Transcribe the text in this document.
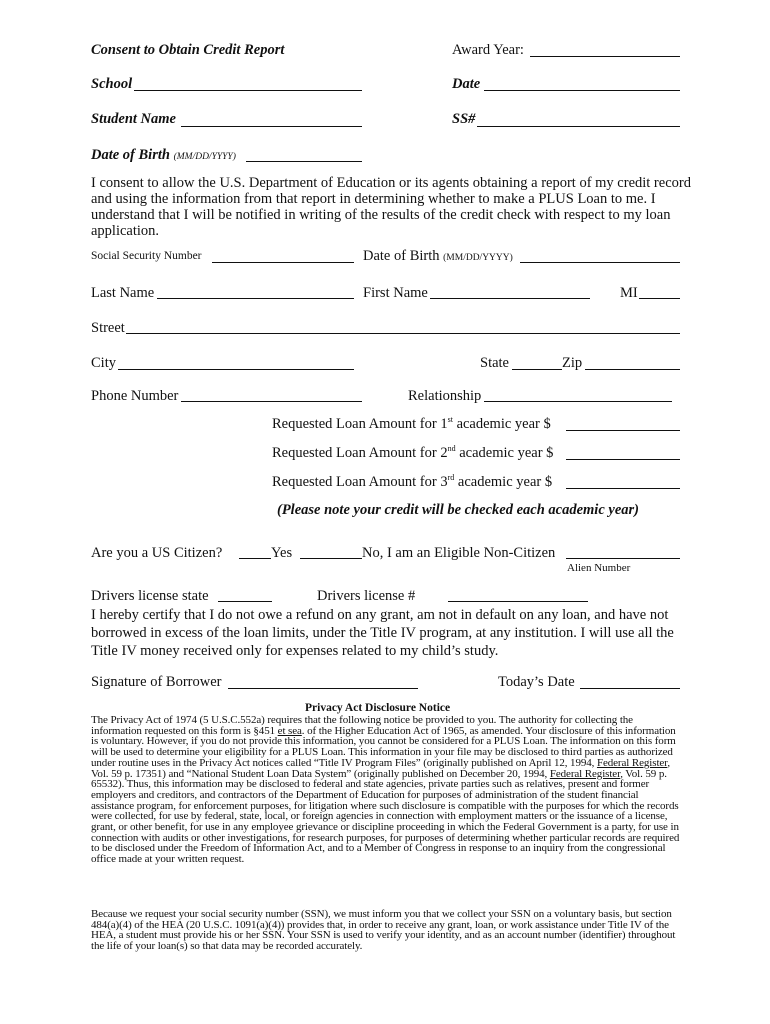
Consent to Obtain Credit Report	Award Year:
School	Date
Student Name	SS#
Date of Birth (MM/DD/YYYY)
I consent to allow the U.S. Department of Education or its agents obtaining a report of my credit record and using the information from that report in determining whether to make a PLUS Loan to me. I understand that I will be notified in writing of the results of the credit check with respect to my loan application.
Social Security Number	Date of Birth (MM/DD/YYYY)
Last Name	First Name	MI
Street
City	State	Zip
Phone Number	Relationship
Requested Loan Amount for 1st academic year $
Requested Loan Amount for 2nd academic year $
Requested Loan Amount for 3rd academic year $
(Please note your credit will be checked each academic year)
Are you a US Citizen?	Yes	No, I am an Eligible Non-Citizen
Alien Number
Drivers license state	Drivers license #
I hereby certify that I do not owe a refund on any grant, am not in default on any loan, and have not borrowed in excess of the loan limits, under the Title IV program, at any institution. I will use all the Title IV money received only for expenses related to my child’s study.
Signature of Borrower	Today’s Date
Privacy Act Disclosure Notice
The Privacy Act of 1974 (5 U.S.C.552a) requires that the following notice be provided to you. The authority for collecting the information requested on this form is §451 et sea. of the Higher Education Act of 1965, as amended. Your disclosure of this information is voluntary. However, if you do not provide this information, you cannot be considered for a PLUS Loan. The information on this form will be used to determine your eligibility for a PLUS Loan. This information in your file may be disclosed to third parties as authorized under routine uses in the Privacy Act notices called “Title IV Program Files” (originally published on April 12, 1994, Federal Register, Vol. 59 p. 17351) and “National Student Loan Data System” (originally published on December 20, 1994, Federal Register, Vol. 59 p. 65532). Thus, this information may be disclosed to federal and state agencies, private parties such as relatives, present and former employers and creditors, and contractors of the Department of Education for purposes of administration of the student financial assistance program, for enforcement purposes, for litigation where such disclosure is compatible with the purposes for which the records were collected, for use by federal, state, local, or foreign agencies in connection with employment matters or the issuance of a license, grant, or other benefit, for use in any employee grievance or discipline proceeding in which the Federal Government is a party, for use in connection with audits or other investigations, for research purposes, for purposes of determining whether particular records are required to be disclosed under the Freedom of Information Act, and to a Member of Congress in response to an inquiry from the congressional office made at your written request.
Because we request your social security number (SSN), we must inform you that we collect your SSN on a voluntary basis, but section 484(a)(4) of the HEA (20 U.S.C. 1091(a)(4)) provides that, in order to receive any grant, loan, or work assistance under Title IV of the HEA, a student must provide his or her SSN. Your SSN is used to verify your identity, and as an account number (identifier) throughout the life of your loan(s) so that data may be recorded accurately.
